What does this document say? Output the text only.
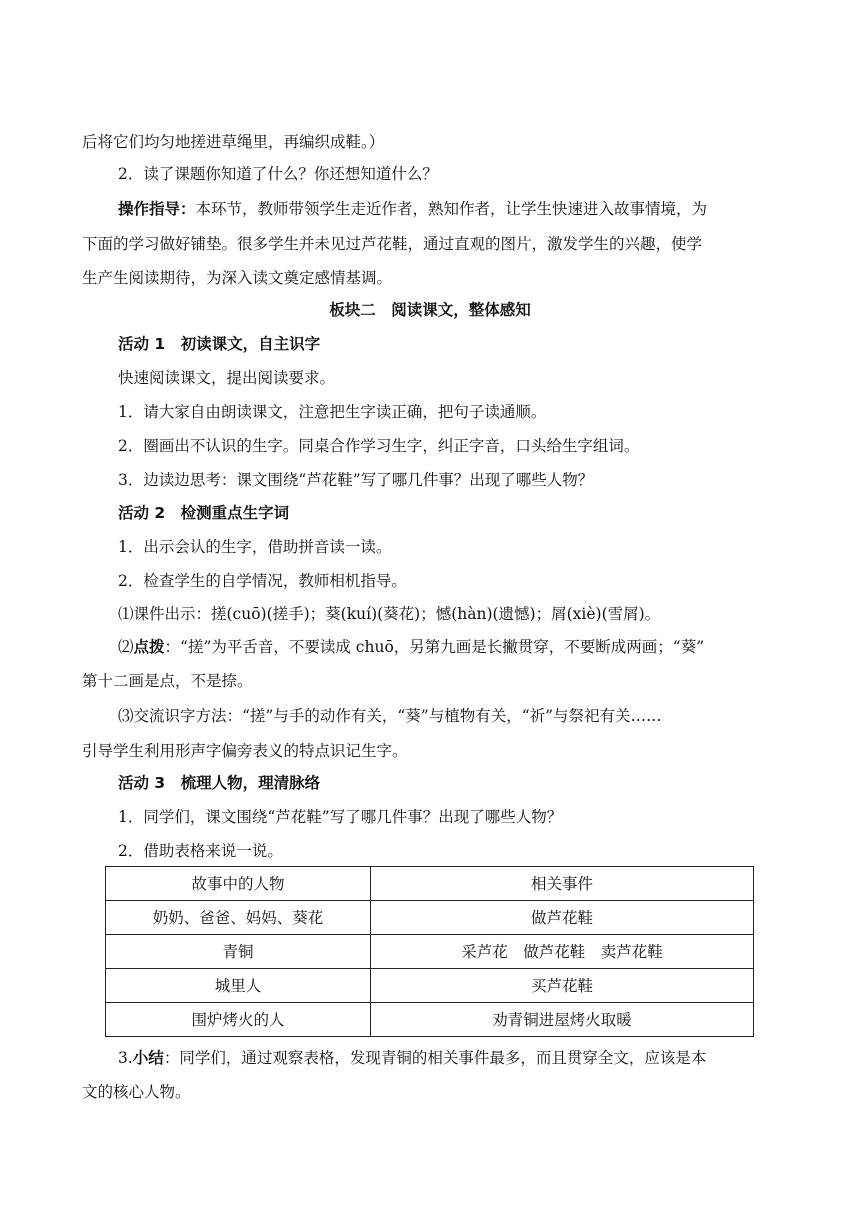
后将它们均匀地搓进草绳里，再编织成鞋。）
2．读了课题你知道了什么？你还想知道什么？
操作指导：本环节，教师带领学生走近作者，熟知作者，让学生快速进入故事情境，为
下面的学习做好铺垫。很多学生并未见过芦花鞋，通过直观的图片，激发学生的兴趣，使学
生产生阅读期待，为深入读文奠定感情基调。
板块二　阅读课文，整体感知
活动 1　初读课文，自主识字
快速阅读课文，提出阅读要求。
1．请大家自由朗读课文，注意把生字读正确，把句子读通顺。
2．圈画出不认识的生字。同桌合作学习生字，纠正字音，口头给生字组词。
3．边读边思考：课文围绕“芦花鞋”写了哪几件事？出现了哪些人物？
活动 2　检测重点生字词
1．出示会认的生字，借助拼音读一读。
2．检查学生的自学情况，教师相机指导。
⑴课件出示：搓(cuō)(搓手)；葵(kuí)(葵花)；憾(hàn)(遗憾)；屑(xiè)(雪屑)。
⑵点拨：“搓”为平舌音，不要读成 chuō，另第九画是长撇贯穿，不要断成两画；“葵”
第十二画是点，不是捺。
⑶交流识字方法：“搓”与手的动作有关，“葵”与植物有关，“祈”与祭祀有关……
引导学生利用形声字偏旁表义的特点识记生字。
活动 3　梳理人物，理清脉络
1．同学们，课文围绕“芦花鞋”写了哪几件事？出现了哪些人物？
2．借助表格来说一说。
故事中的人物	相关事件
奶奶、爸爸、妈妈、葵花	做芦花鞋
青铜	采芦花　做芦花鞋　卖芦花鞋
城里人	买芦花鞋
围炉烤火的人	劝青铜进屋烤火取暖
3.小结：同学们，通过观察表格，发现青铜的相关事件最多，而且贯穿全文，应该是本
文的核心人物。
